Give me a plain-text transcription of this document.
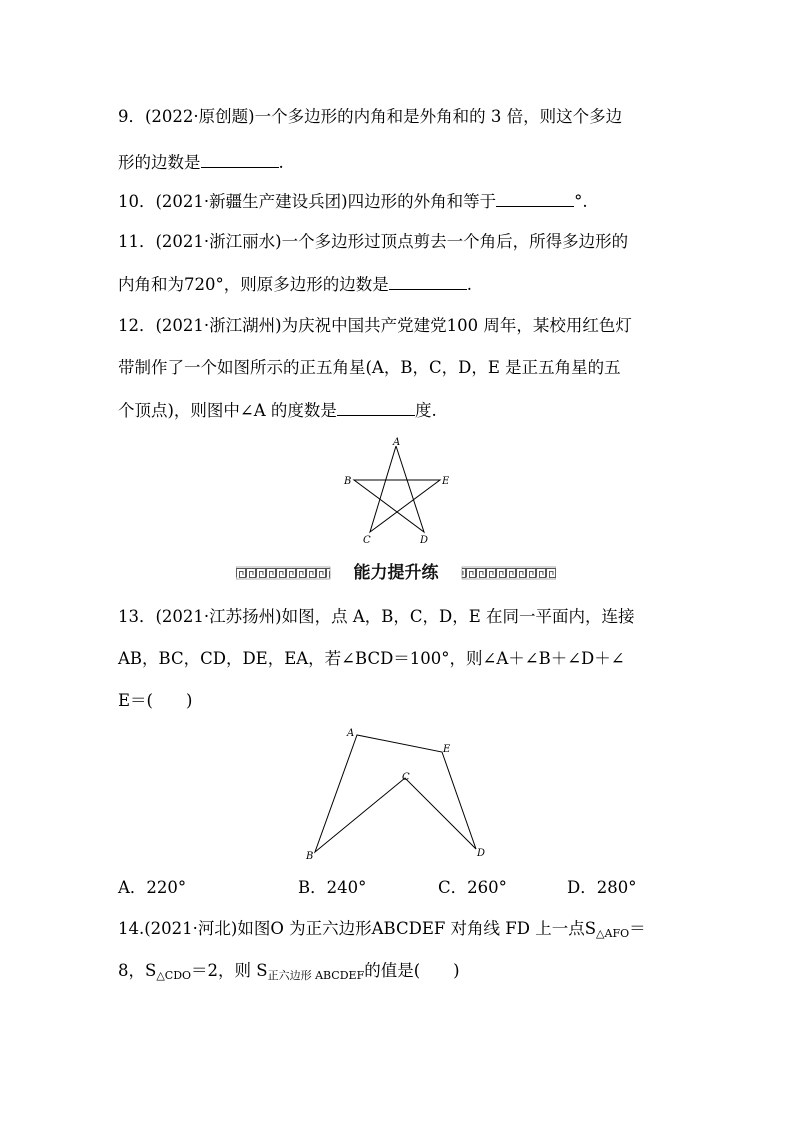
9．(2022·原创题)一个多边形的内角和是外角和的 3 倍，则这个多边
形的边数是	.
10．(2021·新疆生产建设兵团)四边形的外角和等于	°.
11．(2021·浙江丽水)一个多边形过顶点剪去一个角后，所得多边形的
内角和为720°，则原多边形的边数是	.
12．(2021·浙江湖州)为庆祝中国共产党建党100 周年，某校用红色灯
带制作了一个如图所示的正五角星(A，B，C，D，E 是正五角星的五
个顶点)，则图中∠A 的度数是	度.
A
B	E
C	D
能力提升练
13．(2021·江苏扬州)如图，点 A，B，C，D，E 在同一平面内，连接
AB，BC，CD，DE，EA，若∠BCD＝100°，则∠A＋∠B＋∠D＋∠
E＝(　　)
A
E
C
B	D
A．220°	B．240°	C．260°	D．280°
14.(2021·河北)如图O 为正六边形ABCDEF 对角线 FD 上一点$S_{\triangle AFO}=$
8，$S_{\triangle CDO}=2$，则 $S_{正六边形 ABCDEF}$的值是(　　)
